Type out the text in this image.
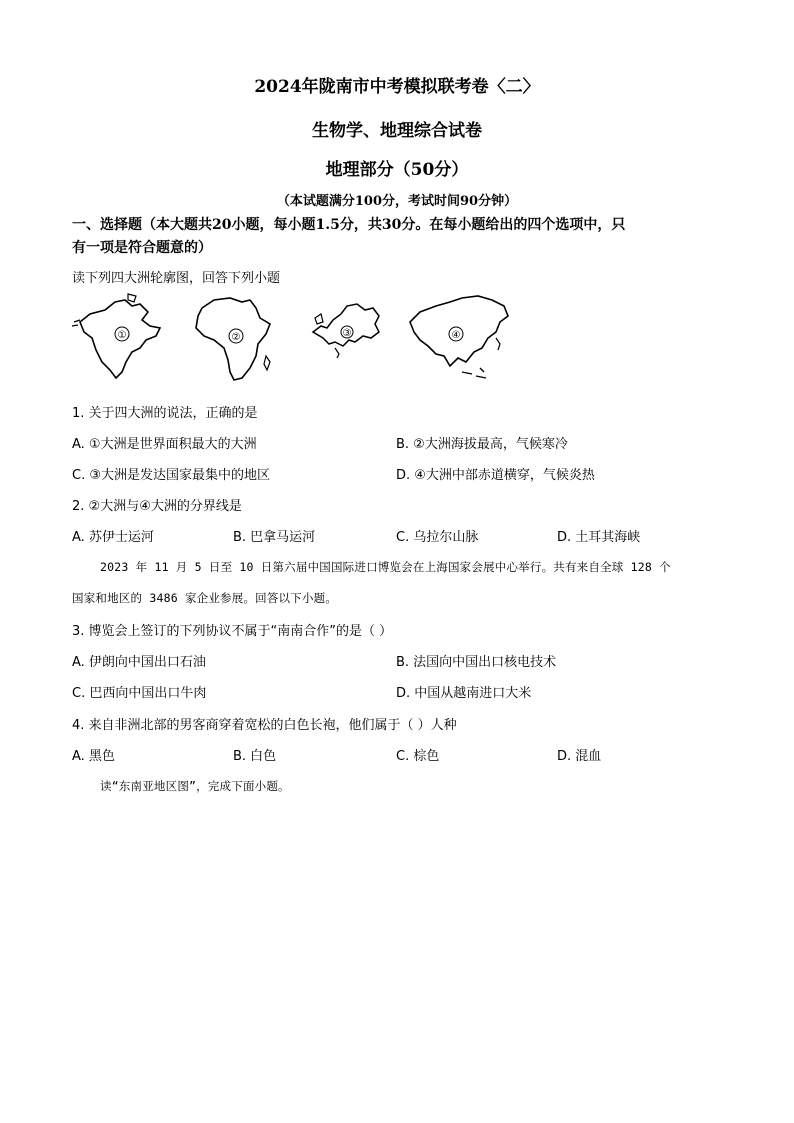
2024年陇南市中考模拟联考卷〈二〉
生物学、地理综合试卷
地理部分（50分）
（本试题满分100分，考试时间90分钟）
一、选择题（本大题共20小题，每小题1.5分，共30分。在每小题给出的四个选项中，只
有一项是符合题意的）
读下列四大洲轮廓图，回答下列小题
①	②	③	④
1. 关于四大洲的说法，正确的是
A. ①大洲是世界面积最大的大洲	B. ②大洲海拔最高，气候寒冷
C. ③大洲是发达国家最集中的地区	D. ④大洲中部赤道横穿，气候炎热
2. ②大洲与④大洲的分界线是
A. 苏伊士运河	B. 巴拿马运河	C. 乌拉尔山脉	D. 土耳其海峡
2023 年 11 月 5 日至 10 日第六届中国国际进口博览会在上海国家会展中心举行。共有来自全球 128 个
国家和地区的 3486 家企业参展。回答以下小题。
3. 博览会上签订的下列协议不属于“南南合作”的是（ ）
A. 伊朗向中国出口石油	B. 法国向中国出口核电技术
C. 巴西向中国出口牛肉	D. 中国从越南进口大米
4. 来自非洲北部的男客商穿着宽松的白色长袍，他们属于（ ）人种
A. 黑色	B. 白色	C. 棕色	D. 混血
读“东南亚地区图”，完成下面小题。
